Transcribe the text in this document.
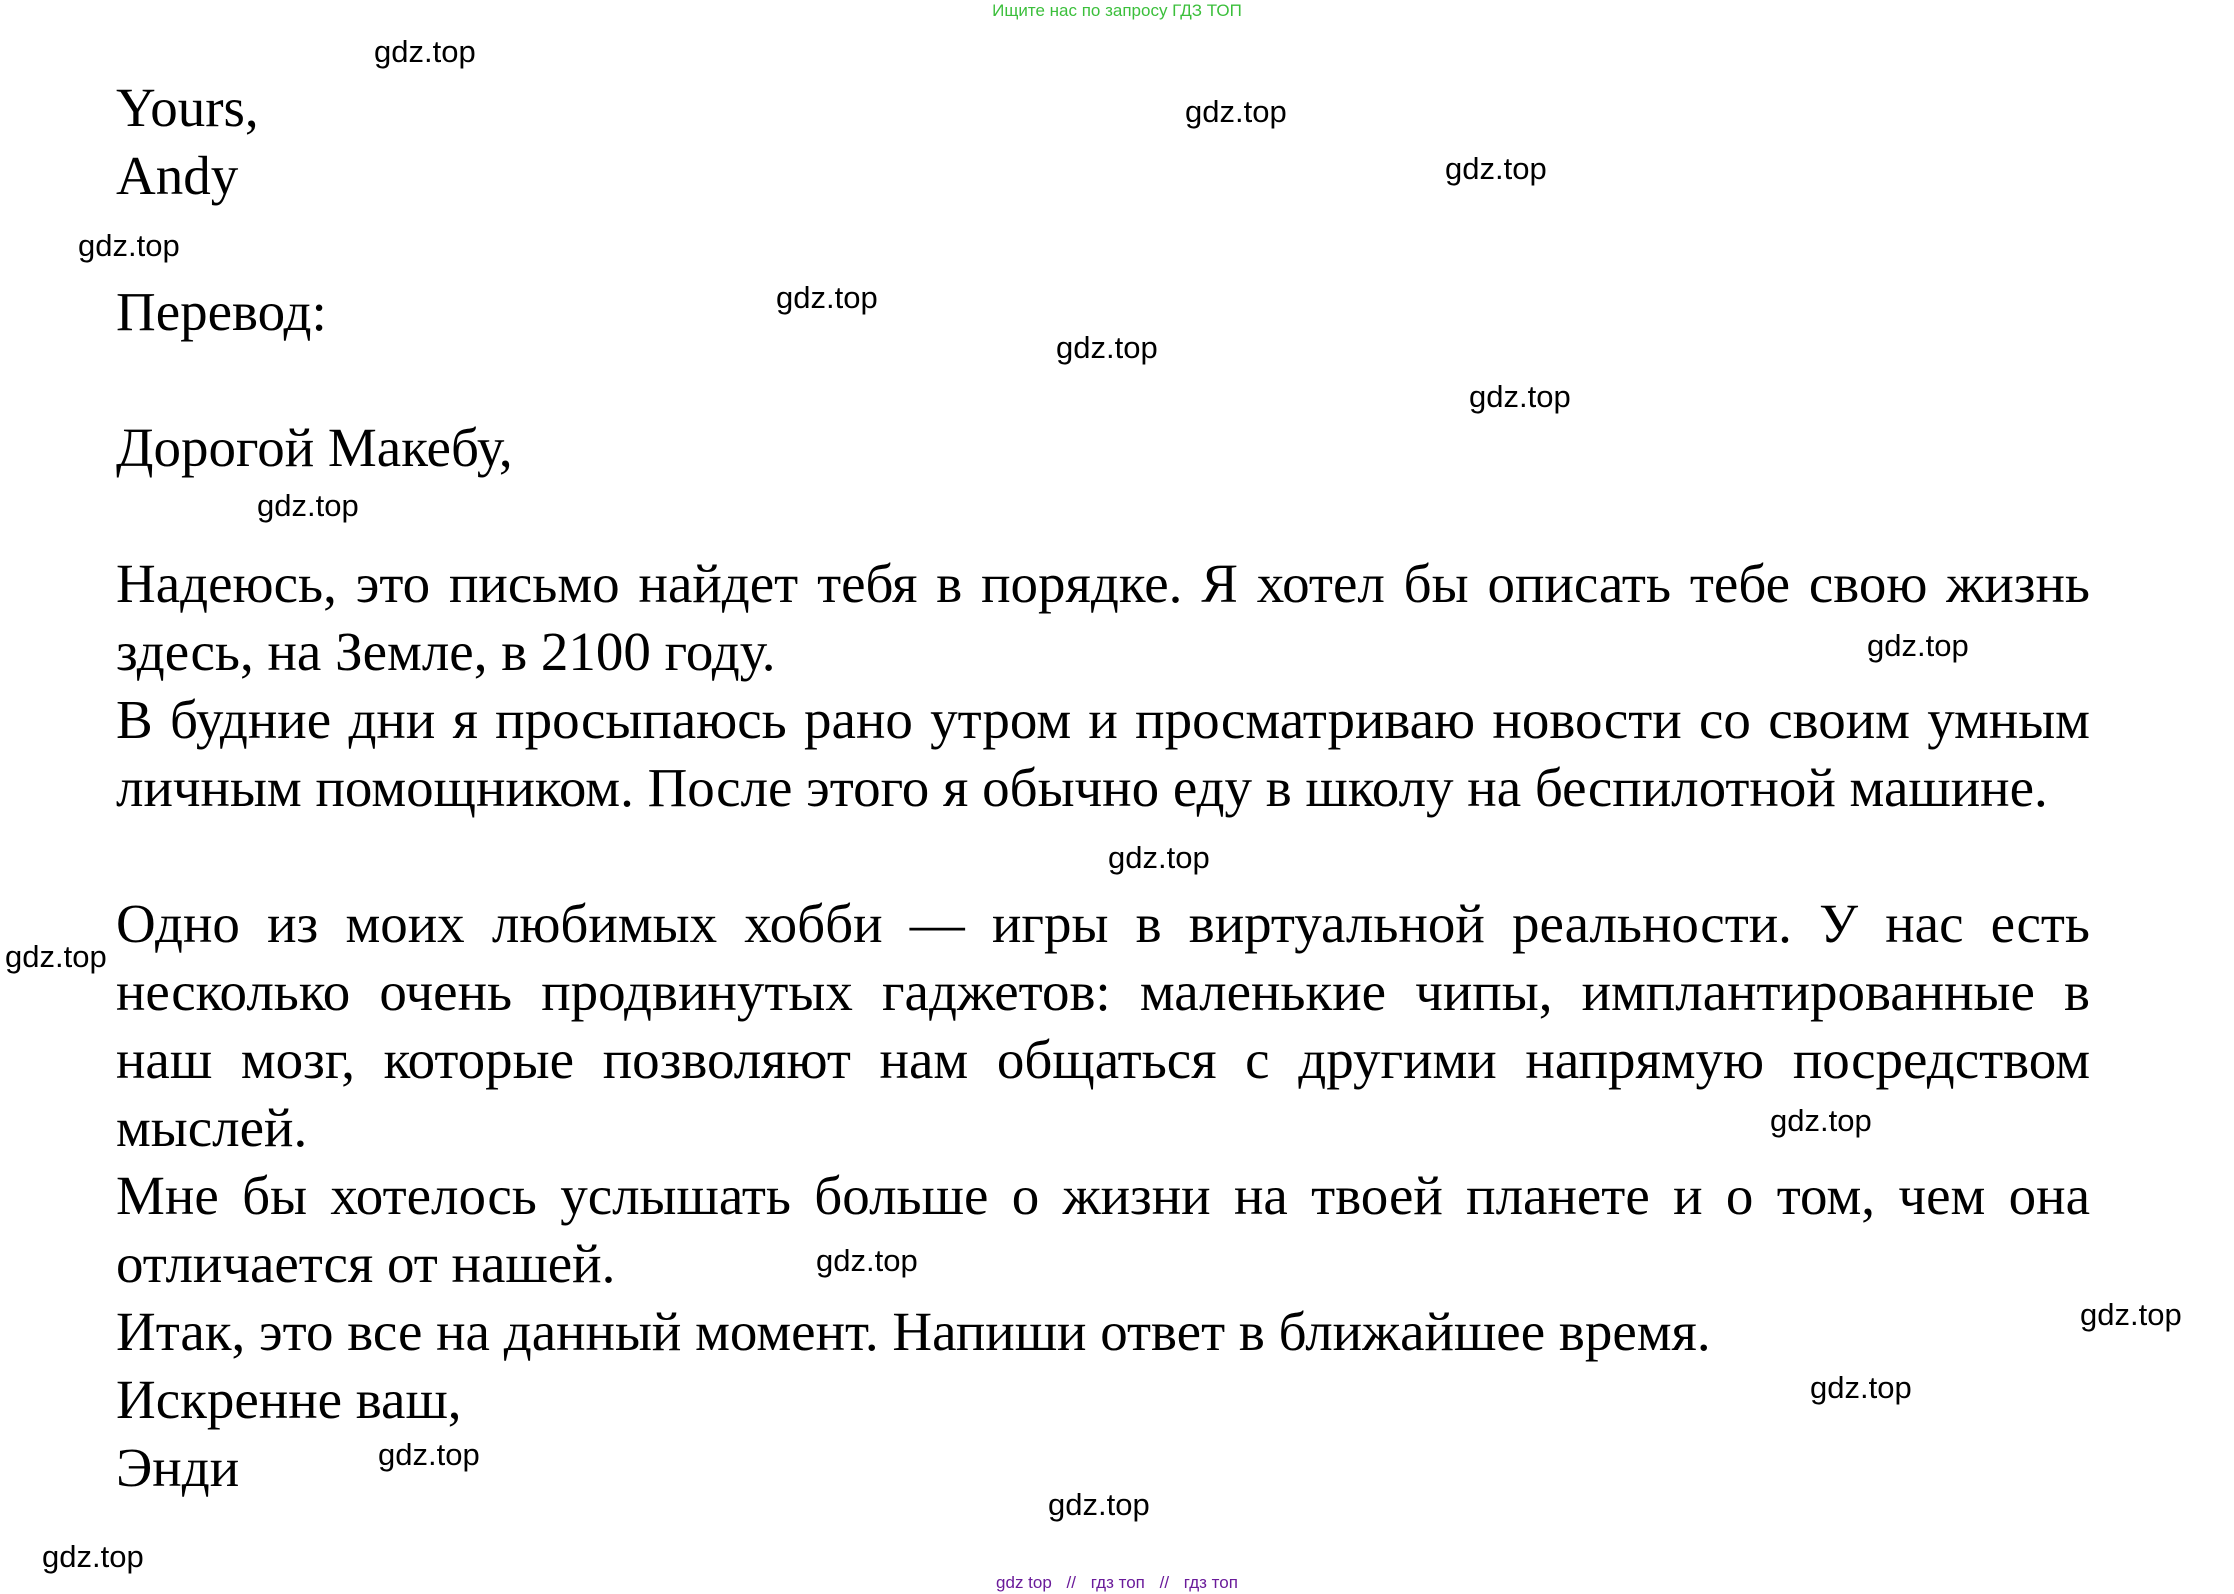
Ищите нас по запросу ГДЗ ТОП

Yours,

Andy

Перевод:

Дорогой Макебу,

Надеюсь, это письмо найдет тебя в порядке. Я хотел бы описать тебе свою жизнь здесь, на Земле, в 2100 году.

В будние дни я просыпаюсь рано утром и просматриваю новости со своим умным личным помощником. После этого я обычно еду в школу на беспилотной машине.

Одно из моих любимых хобби — игры в виртуальной реальности. У нас есть несколько очень продвинутых гаджетов: маленькие чипы, имплантированные в наш мозг, которые позволяют нам общаться с другими напрямую посредством мыслей.

Мне бы хотелось услышать больше о жизни на твоей планете и о том, чем она отличается от нашей.

Итак, это все на данный момент. Напиши ответ в ближайшее время.

Искренне ваш,

Энди

gdz.top
gdz.top
gdz.top
gdz.top
gdz.top
gdz.top
gdz.top
gdz.top
gdz.top
gdz.top
gdz.top
gdz.top
gdz.top
gdz.top
gdz.top
gdz.top
gdz.top
gdz.top
gdz top // гдз топ // гдз топ
